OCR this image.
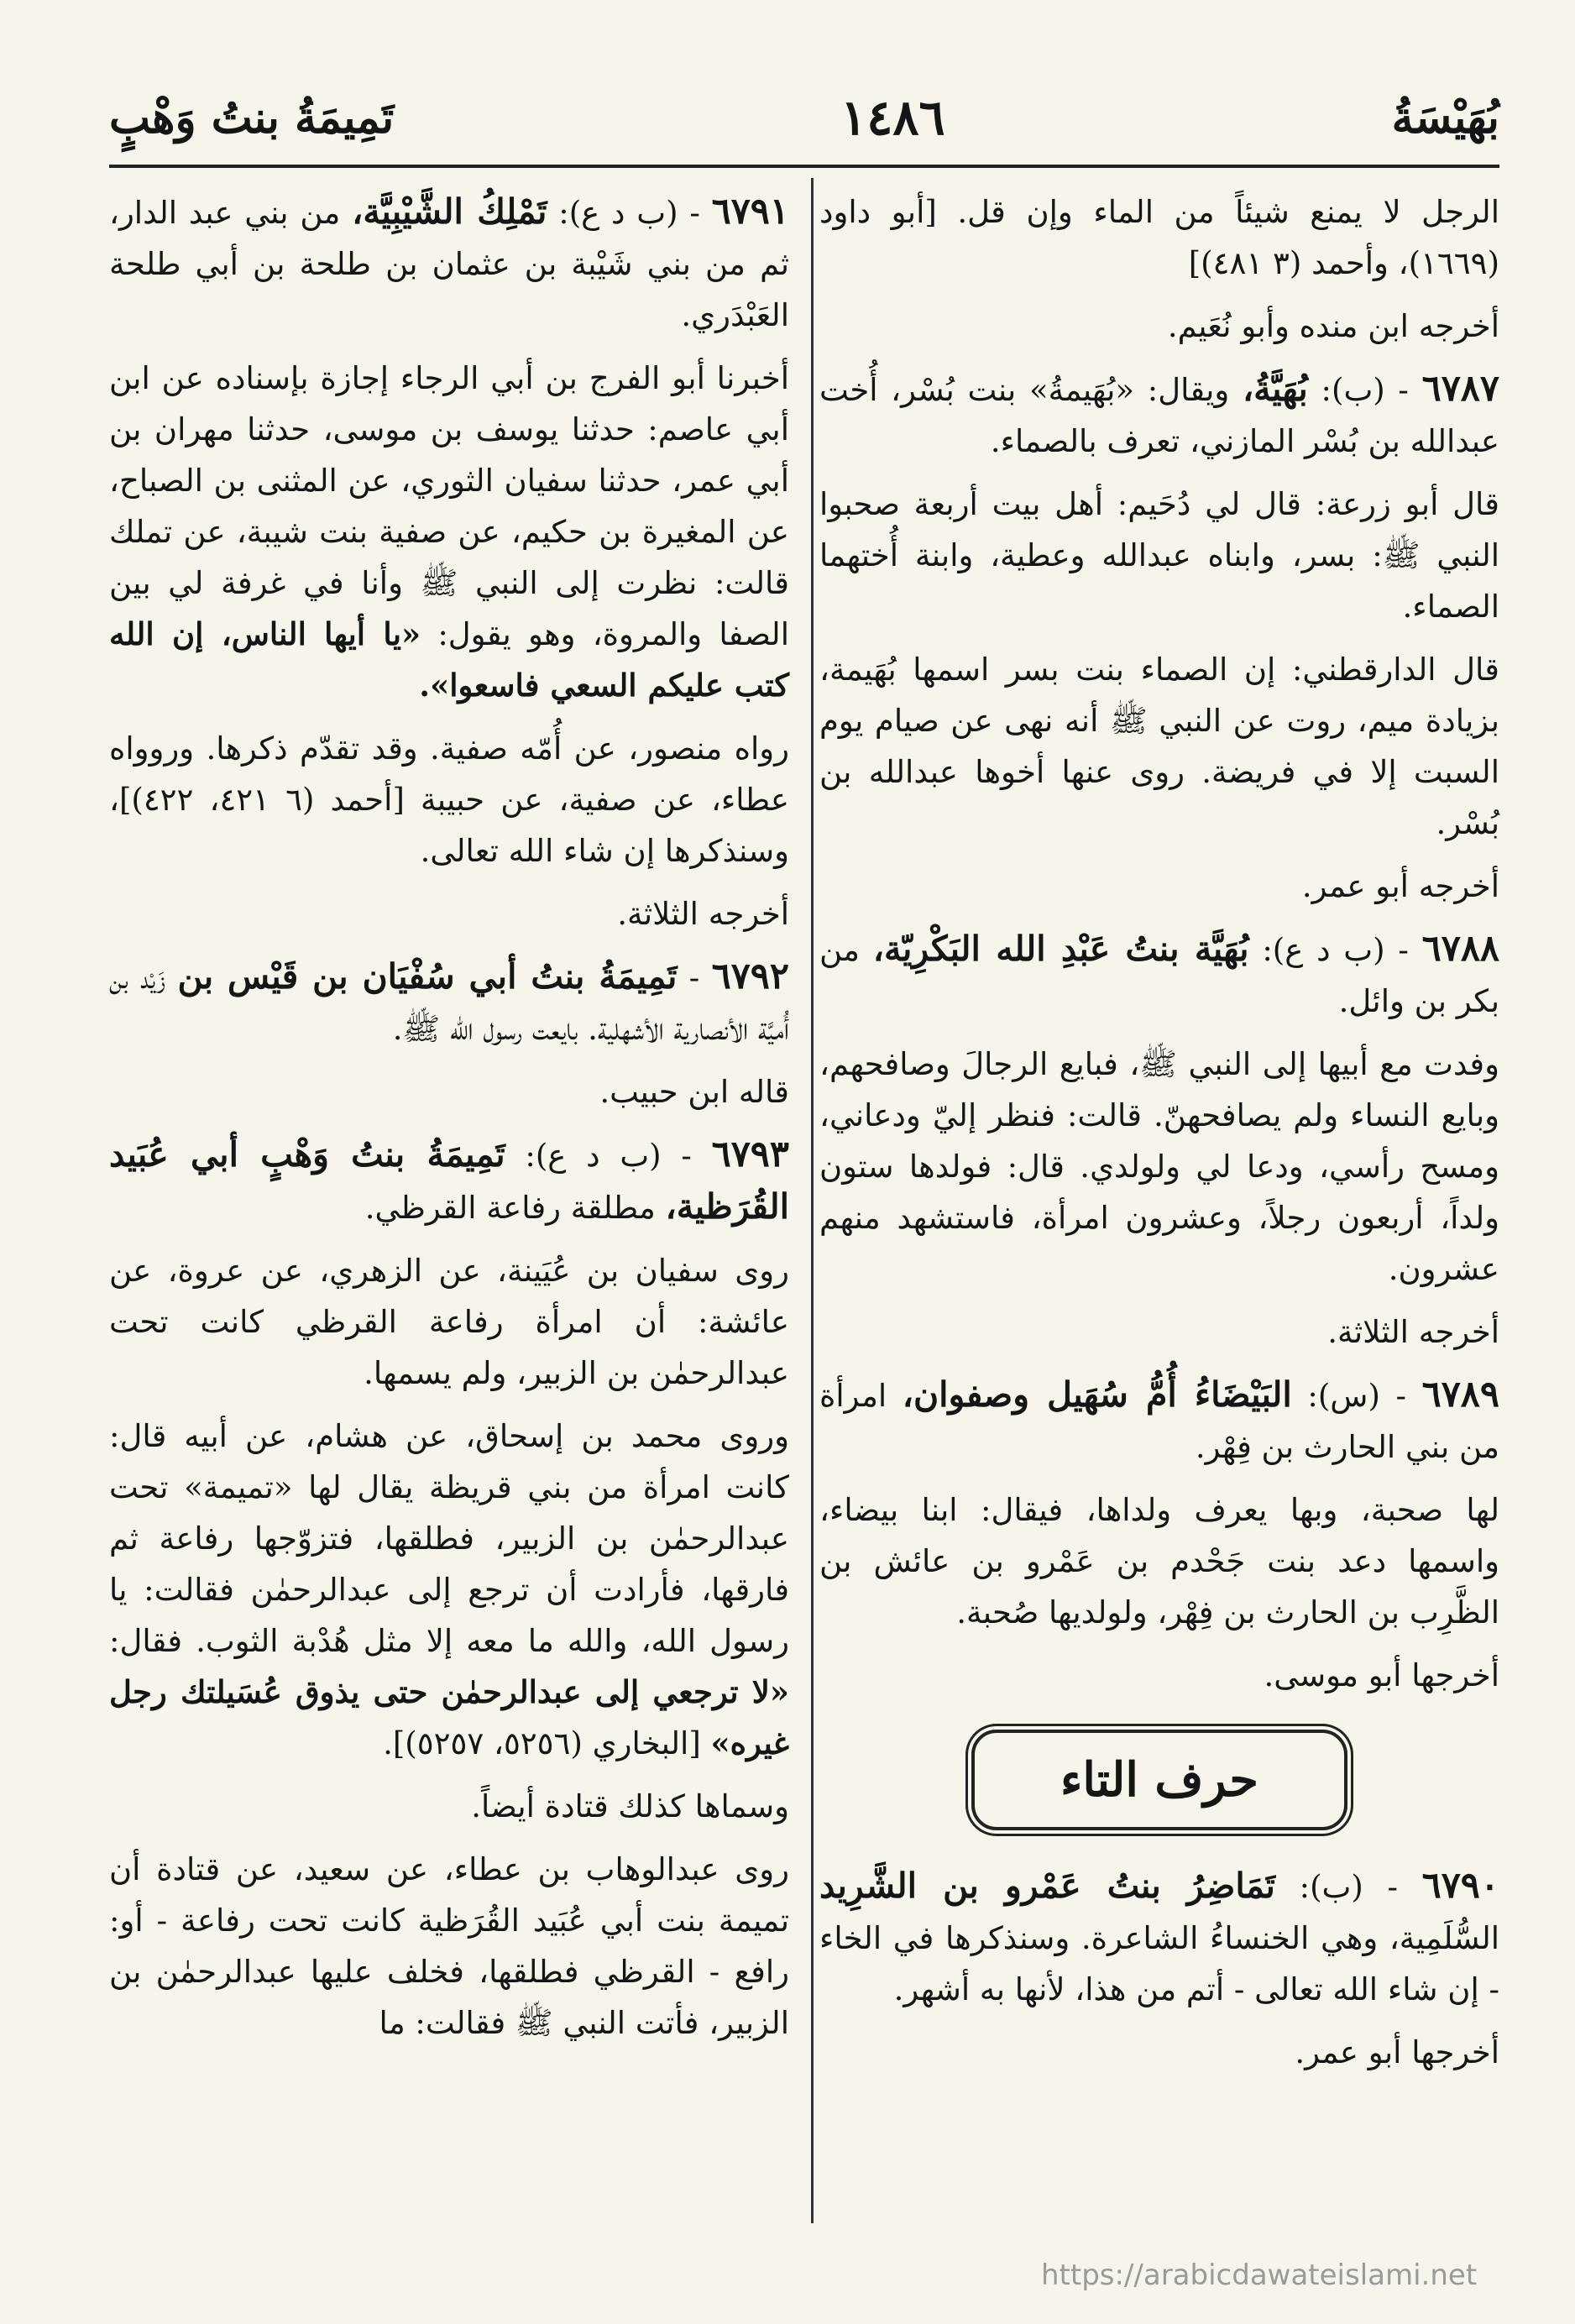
بُهَيْسَةُ
١٤٨٦
تَمِيمَةُ بنتُ وَهْبٍ

الرجل لا يمنع شيئاً من الماء وإن قل. [أبو داود (١٦٦٩)، وأحمد (٣ ٤٨١)]

أخرجه ابن منده وأبو نُعَيم.

٦٧٨٧ - (ب): بُهَيَّةُ، ويقال: «بُهَيمةُ» بنت بُسْر، أُخت عبدالله بن بُسْر المازني، تعرف بالصماء.

قال أبو زرعة: قال لي دُحَيم: أهل بيت أربعة صحبوا النبي ﷺ: بسر، وابناه عبدالله وعطية، وابنة أُختهما الصماء.

قال الدارقطني: إن الصماء بنت بسر اسمها بُهَيمة، بزيادة ميم، روت عن النبي ﷺ أنه نهى عن صيام يوم السبت إلا في فريضة. روى عنها أخوها عبدالله بن بُسْر.

أخرجه أبو عمر.

٦٧٨٨ - (ب د ع): بُهَيَّة بنتُ عَبْدِ الله البَكْرِيّة، من بكر بن وائل.

وفدت مع أبيها إلى النبي ﷺ، فبايع الرجالَ وصافحهم، وبايع النساء ولم يصافحهنّ. قالت: فنظر إليّ ودعاني، ومسح رأسي، ودعا لي ولولدي. قال: فولدها ستون ولداً، أربعون رجلاً، وعشرون امرأة، فاستشهد منهم عشرون.

أخرجه الثلاثة.

٦٧٨٩ - (س): البَيْضَاءُ أُمُّ سُهَيل وصفوان، امرأة من بني الحارث بن فِهْر.

لها صحبة، وبها يعرف ولداها، فيقال: ابنا بيضاء، واسمها دعد بنت جَحْدم بن عَمْرو بن عائش بن الظَّرِب بن الحارث بن فِهْر، ولولديها صُحبة.

أخرجها أبو موسى.

حرف التاء

٦٧٩٠ - (ب): تَمَاضِرُ بنتُ عَمْرو بن الشَّرِيد السُّلَمِية، وهي الخنساءُ الشاعرة. وسنذكرها في الخاء - إن شاء الله تعالى - أتم من هذا، لأنها به أشهر.

أخرجها أبو عمر.

٦٧٩١ - (ب د ع): تَمْلِكُ الشَّيْبِيَّة، من بني عبد الدار، ثم من بني شَيْبة بن عثمان بن طلحة بن أبي طلحة العَبْدَري.

أخبرنا أبو الفرج بن أبي الرجاء إجازة بإسناده عن ابن أبي عاصم: حدثنا يوسف بن موسى، حدثنا مهران بن أبي عمر، حدثنا سفيان الثوري، عن المثنى بن الصباح، عن المغيرة بن حكيم، عن صفية بنت شيبة، عن تملك قالت: نظرت إلى النبي ﷺ وأنا في غرفة لي بين الصفا والمروة، وهو يقول: «يا أيها الناس، إن الله كتب عليكم السعي فاسعوا».

رواه منصور، عن أُمّه صفية. وقد تقدّم ذكرها. وروواه عطاء، عن صفية، عن حبيبة [أحمد (٦ ٤٢١، ٤٢٢)]، وسنذكرها إن شاء الله تعالى.

أخرجه الثلاثة.

٦٧٩٢ - تَمِيمَةُ بنتُ أبي سُفْيَان بن قَيْس بن زَيْد بن أُميَّة الأنصارية الأشهلية. بايعت رسول الله ﷺ.

قاله ابن حبيب.

٦٧٩٣ - (ب د ع): تَمِيمَةُ بنتُ وَهْبٍ أبي عُبَيد القُرَظية، مطلقة رفاعة القرظي.

روى سفيان بن عُيَينة، عن الزهري، عن عروة، عن عائشة: أن امرأة رفاعة القرظي كانت تحت عبدالرحمٰن بن الزبير، ولم يسمها.

وروى محمد بن إسحاق، عن هشام، عن أبيه قال: كانت امرأة من بني قريظة يقال لها «تميمة» تحت عبدالرحمٰن بن الزبير، فطلقها، فتزوّجها رفاعة ثم فارقها، فأرادت أن ترجع إلى عبدالرحمٰن فقالت: يا رسول الله، والله ما معه إلا مثل هُدْبة الثوب. فقال: «لا ترجعي إلى عبدالرحمٰن حتى يذوق عُسَيلتك رجل غيره» [البخاري (٥٢٥٦، ٥٢٥٧)].

وسماها كذلك قتادة أيضاً.

روى عبدالوهاب بن عطاء، عن سعيد، عن قتادة أن تميمة بنت أبي عُبَيد القُرَظية كانت تحت رفاعة - أو: رافع - القرظي فطلقها، فخلف عليها عبدالرحمٰن بن الزبير، فأتت النبي ﷺ فقالت: ما

https://arabicdawateislami.net
